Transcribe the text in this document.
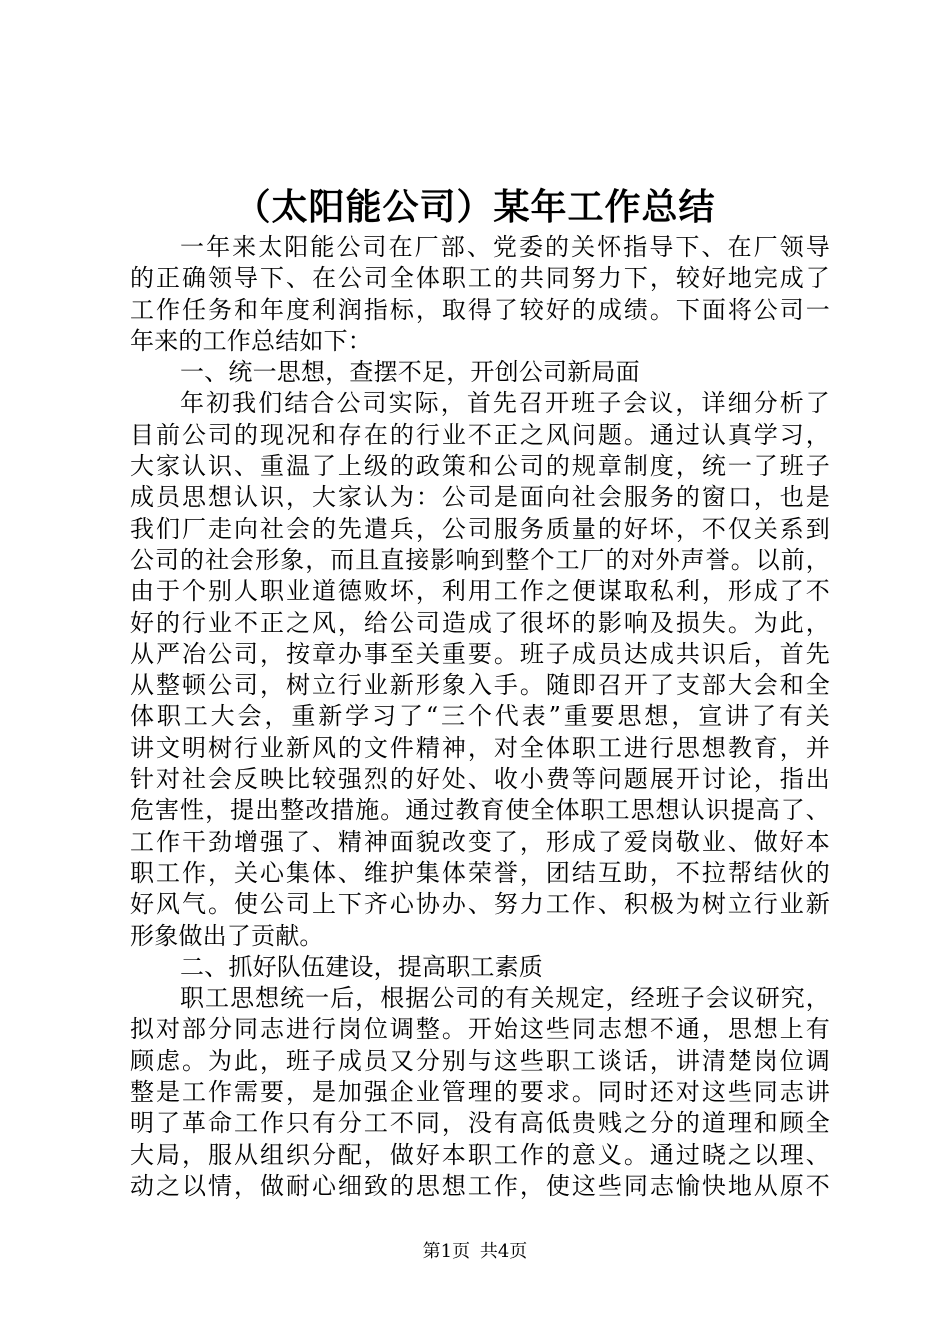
（太阳能公司）某年工作总结
一年来太阳能公司在厂部、党委的关怀指导下、在厂领导
的正确领导下、在公司全体职工的共同努力下，较好地完成了
工作任务和年度利润指标，取得了较好的成绩。下面将公司一
年来的工作总结如下：
一、统一思想，查摆不足，开创公司新局面
年初我们结合公司实际，首先召开班子会议，详细分析了
目前公司的现况和存在的行业不正之风问题。通过认真学习，
大家认识、重温了上级的政策和公司的规章制度，统一了班子
成员思想认识，大家认为：公司是面向社会服务的窗口，也是
我们厂走向社会的先遣兵，公司服务质量的好坏，不仅关系到
公司的社会形象，而且直接影响到整个工厂的对外声誉。以前，
由于个别人职业道德败坏，利用工作之便谋取私利，形成了不
好的行业不正之风，给公司造成了很坏的影响及损失。为此，
从严冶公司，按章办事至关重要。班子成员达成共识后，首先
从整顿公司，树立行业新形象入手。随即召开了支部大会和全
体职工大会，重新学习了“三个代表”重要思想，宣讲了有关
讲文明树行业新风的文件精神，对全体职工进行思想教育，并
针对社会反映比较强烈的好处、收小费等问题展开讨论，指出
危害性，提出整改措施。通过教育使全体职工思想认识提高了、
工作干劲增强了、精神面貌改变了，形成了爱岗敬业、做好本
职工作，关心集体、维护集体荣誉，团结互助，不拉帮结伙的
好风气。使公司上下齐心协办、努力工作、积极为树立行业新
形象做出了贡献。
二、抓好队伍建设，提高职工素质
职工思想统一后，根据公司的有关规定，经班子会议研究，
拟对部分同志进行岗位调整。开始这些同志想不通，思想上有
顾虑。为此，班子成员又分别与这些职工谈话，讲清楚岗位调
整是工作需要，是加强企业管理的要求。同时还对这些同志讲
明了革命工作只有分工不同，没有高低贵贱之分的道理和顾全
大局，服从组织分配，做好本职工作的意义。通过晓之以理、
动之以情，做耐心细致的思想工作，使这些同志愉快地从原不
第1页 共4页
